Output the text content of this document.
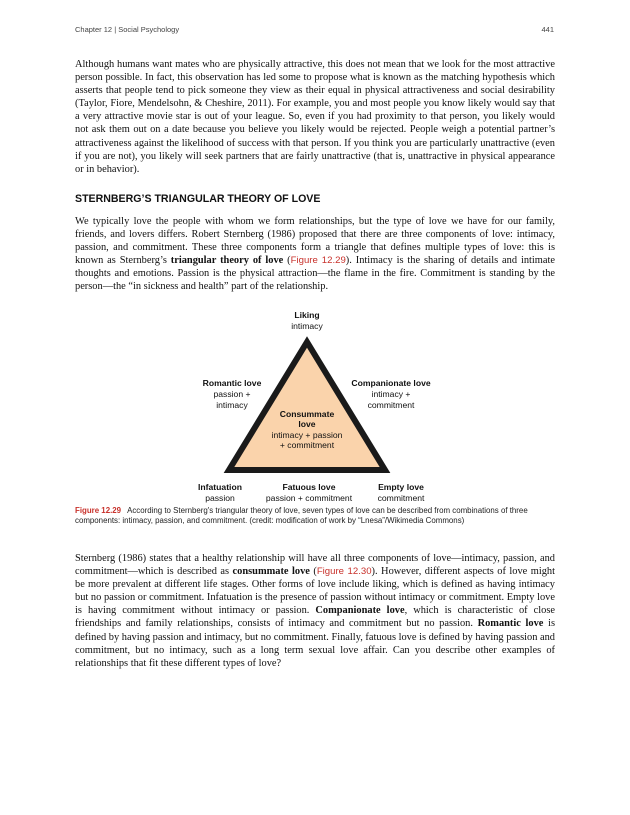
Chapter 12 | Social Psychology	441

Although humans want mates who are physically attractive, this does not mean that we look for the most attractive person possible. In fact, this observation has led some to propose what is known as the matching hypothesis which asserts that people tend to pick someone they view as their equal in physical attractiveness and social desirability (Taylor, Fiore, Mendelsohn, & Cheshire, 2011). For example, you and most people you know likely would say that a very attractive movie star is out of your league. So, even if you had proximity to that person, you likely would not ask them out on a date because you believe you likely would be rejected. People weigh a potential partner’s attractiveness against the likelihood of success with that person. If you think you are particularly unattractive (even if you are not), you likely will seek partners that are fairly unattractive (that is, unattractive in physical appearance or in behavior).

STERNBERG’S TRIANGULAR THEORY OF LOVE

We typically love the people with whom we form relationships, but the type of love we have for our family, friends, and lovers differs. Robert Sternberg (1986) proposed that there are three components of love: intimacy, passion, and commitment. These three components form a triangle that defines multiple types of love: this is known as Sternberg’s triangular theory of love (Figure 12.29). Intimacy is the sharing of details and intimate thoughts and emotions. Passion is the physical attraction—the flame in the fire. Commitment is standing by the person—the “in sickness and health” part of the relationship.

Liking
intimacy
Romantic love
passion +
intimacy
Companionate love
intimacy +
commitment
Consummate
love
intimacy + passion
+ commitment
Infatuation
passion
Fatuous love
passion + commitment
Empty love
commitment

Figure 12.29 According to Sternberg's triangular theory of love, seven types of love can be described from combinations of three components: intimacy, passion, and commitment. (credit: modification of work by “Lnesa”/Wikimedia Commons)

Sternberg (1986) states that a healthy relationship will have all three components of love—intimacy, passion, and commitment—which is described as consummate love (Figure 12.30). However, different aspects of love might be more prevalent at different life stages. Other forms of love include liking, which is defined as having intimacy but no passion or commitment. Infatuation is the presence of passion without intimacy or commitment. Empty love is having commitment without intimacy or passion. Companionate love, which is characteristic of close friendships and family relationships, consists of intimacy and commitment but no passion. Romantic love is defined by having passion and intimacy, but no commitment. Finally, fatuous love is defined by having passion and commitment, but no intimacy, such as a long term sexual love affair. Can you describe other examples of relationships that fit these different types of love?
